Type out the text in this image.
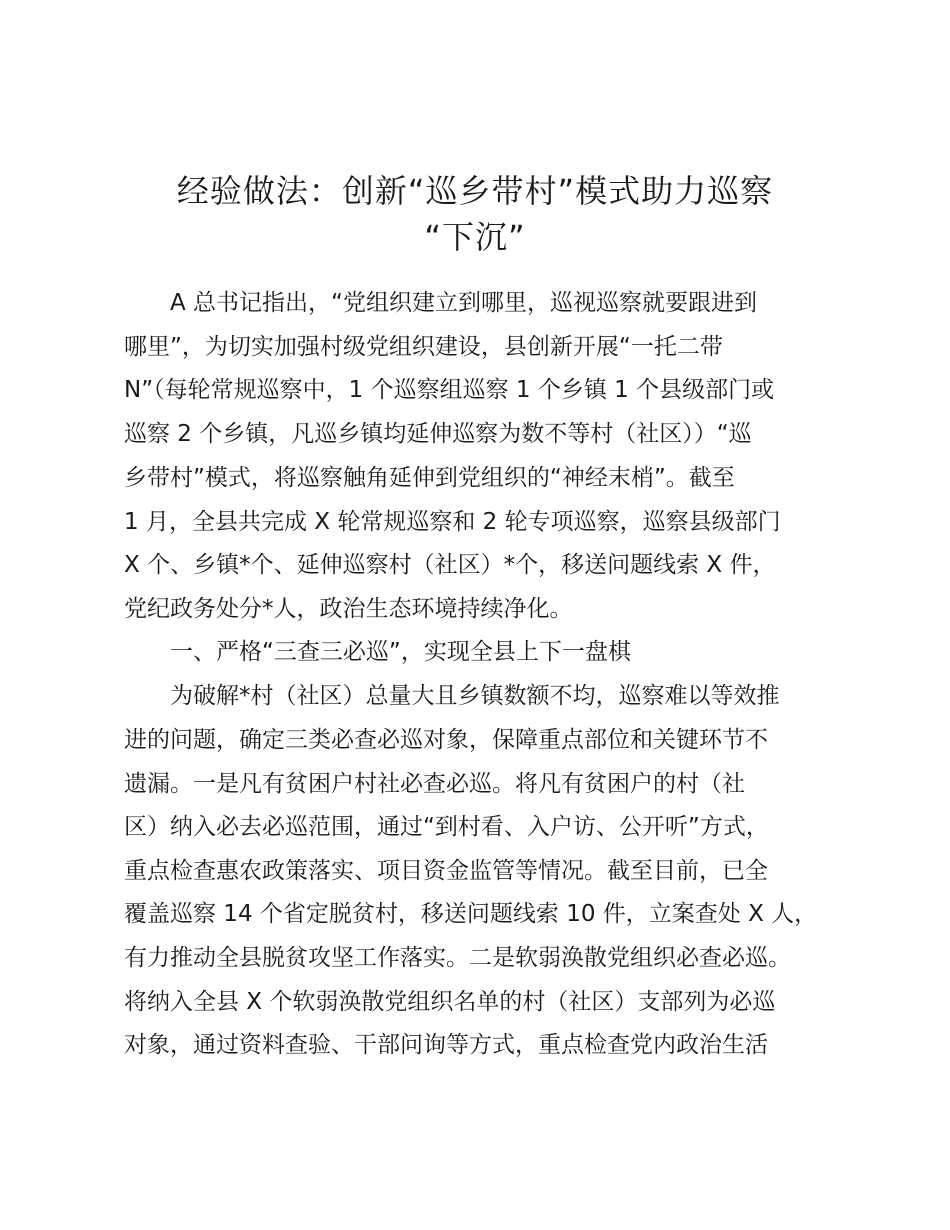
经验做法：创新“巡乡带村”模式助力巡察
“下沉”
　　A 总书记指出，“党组织建立到哪里，巡视巡察就要跟进到
哪里”，为切实加强村级党组织建设，县创新开展“一托二带
N”（每轮常规巡察中，1 个巡察组巡察 1 个乡镇 1 个县级部门或
巡察 2 个乡镇，凡巡乡镇均延伸巡察为数不等村（社区））“巡
乡带村”模式，将巡察触角延伸到党组织的“神经末梢”。截至
1 月，全县共完成 X 轮常规巡察和 2 轮专项巡察，巡察县级部门
X 个、乡镇*个、延伸巡察村（社区）*个，移送问题线索 X 件，
党纪政务处分*人，政治生态环境持续净化。
　　一、严格“三查三必巡”，实现全县上下一盘棋
　　为破解*村（社区）总量大且乡镇数额不均，巡察难以等效推
进的问题，确定三类必查必巡对象，保障重点部位和关键环节不
遗漏。一是凡有贫困户村社必查必巡。将凡有贫困户的村（社
区）纳入必去必巡范围，通过“到村看、入户访、公开听”方式，
重点检查惠农政策落实、项目资金监管等情况。截至目前，已全
覆盖巡察 14 个省定脱贫村，移送问题线索 10 件，立案查处 X 人，
有力推动全县脱贫攻坚工作落实。二是软弱涣散党组织必查必巡。
将纳入全县 X 个软弱涣散党组织名单的村（社区）支部列为必巡
对象，通过资料查验、干部问询等方式，重点检查党内政治生活
